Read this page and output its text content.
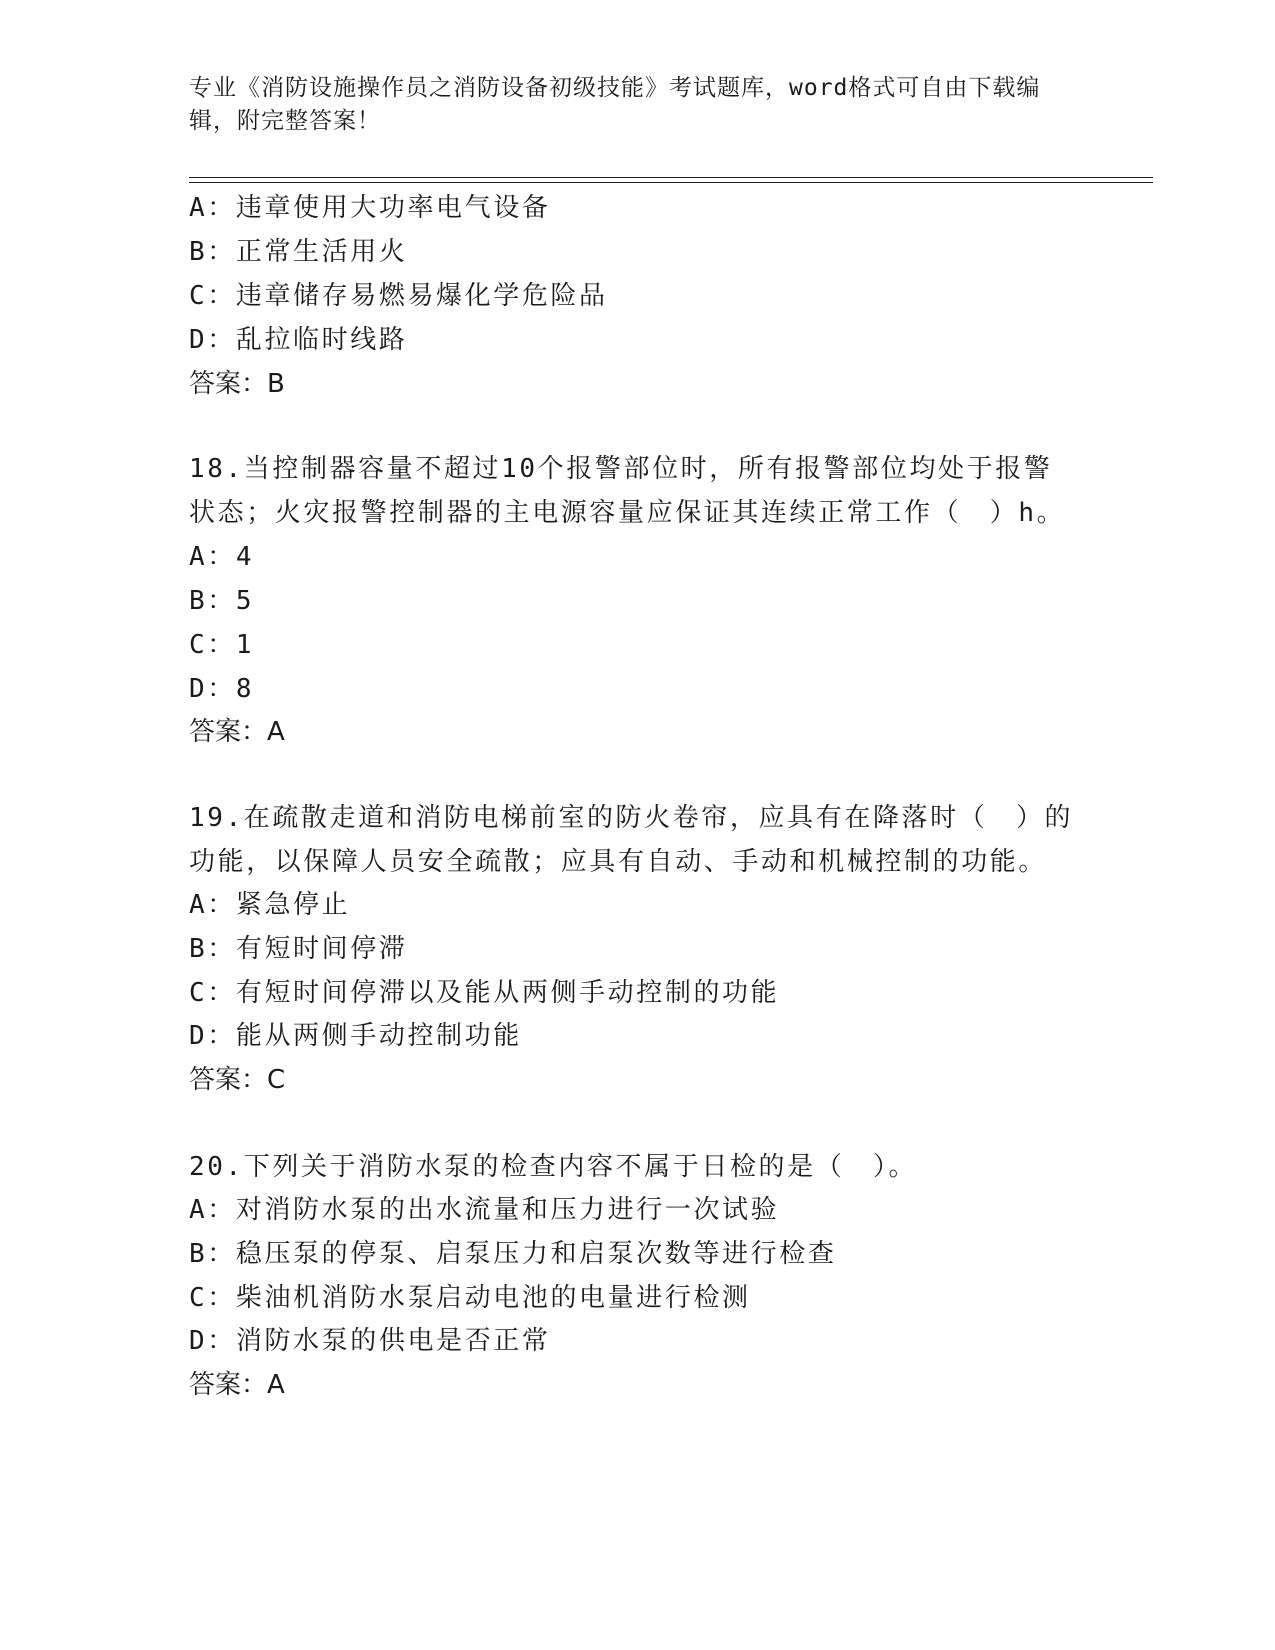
专业《消防设施操作员之消防设备初级技能》考试题库，word格式可自由下载编
辑，附完整答案！
A：违章使用大功率电气设备
B：正常生活用火
C：违章储存易燃易爆化学危险品
D：乱拉临时线路
答案：B
18.当控制器容量不超过10个报警部位时，所有报警部位均处于报警
状态；火灾报警控制器的主电源容量应保证其连续正常工作（　）h。
A：4
B：5
C：1
D：8
答案：A
19.在疏散走道和消防电梯前室的防火卷帘，应具有在降落时（　）的
功能，以保障人员安全疏散；应具有自动、手动和机械控制的功能。
A：紧急停止
B：有短时间停滞
C：有短时间停滞以及能从两侧手动控制的功能
D：能从两侧手动控制功能
答案：C
20.下列关于消防水泵的检查内容不属于日检的是（　）。
A：对消防水泵的出水流量和压力进行一次试验
B：稳压泵的停泵、启泵压力和启泵次数等进行检查
C：柴油机消防水泵启动电池的电量进行检测
D：消防水泵的供电是否正常
答案：A
